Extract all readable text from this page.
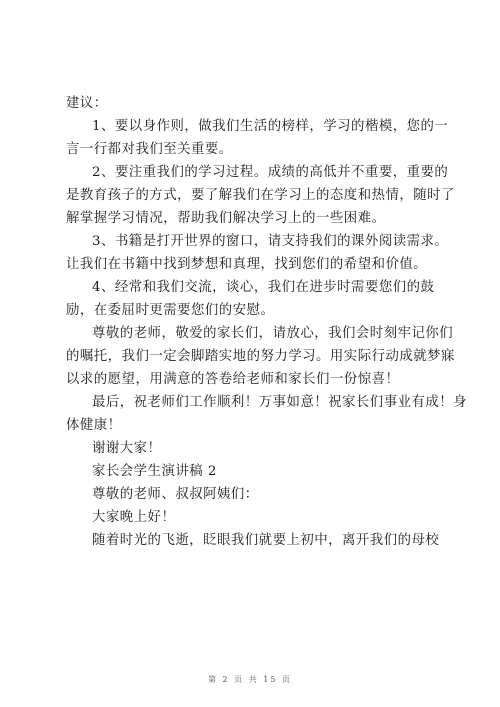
建议：
1、要以身作则，做我们生活的榜样，学习的楷模，您的一
言一行都对我们至关重要。
2、要注重我们的学习过程。成绩的高低并不重要，重要的
是教育孩子的方式，要了解我们在学习上的态度和热情，随时了
解掌握学习情况，帮助我们解决学习上的一些困难。
3、书籍是打开世界的窗口，请支持我们的课外阅读需求。
让我们在书籍中找到梦想和真理，找到您们的希望和价值。
4、经常和我们交流，谈心，我们在进步时需要您们的鼓
励，在委屈时更需要您们的安慰。
尊敬的老师，敬爱的家长们，请放心，我们会时刻牢记你们
的嘱托，我们一定会脚踏实地的努力学习。用实际行动成就梦寐
以求的愿望，用满意的答卷给老师和家长们一份惊喜！
最后，祝老师们工作顺利！万事如意！祝家长们事业有成！身
体健康！
谢谢大家！
家长会学生演讲稿 2
尊敬的老师、叔叔阿姨们：
大家晚上好！
随着时光的飞逝，眨眼我们就要上初中，离开我们的母校
第 2 页 共 15 页
